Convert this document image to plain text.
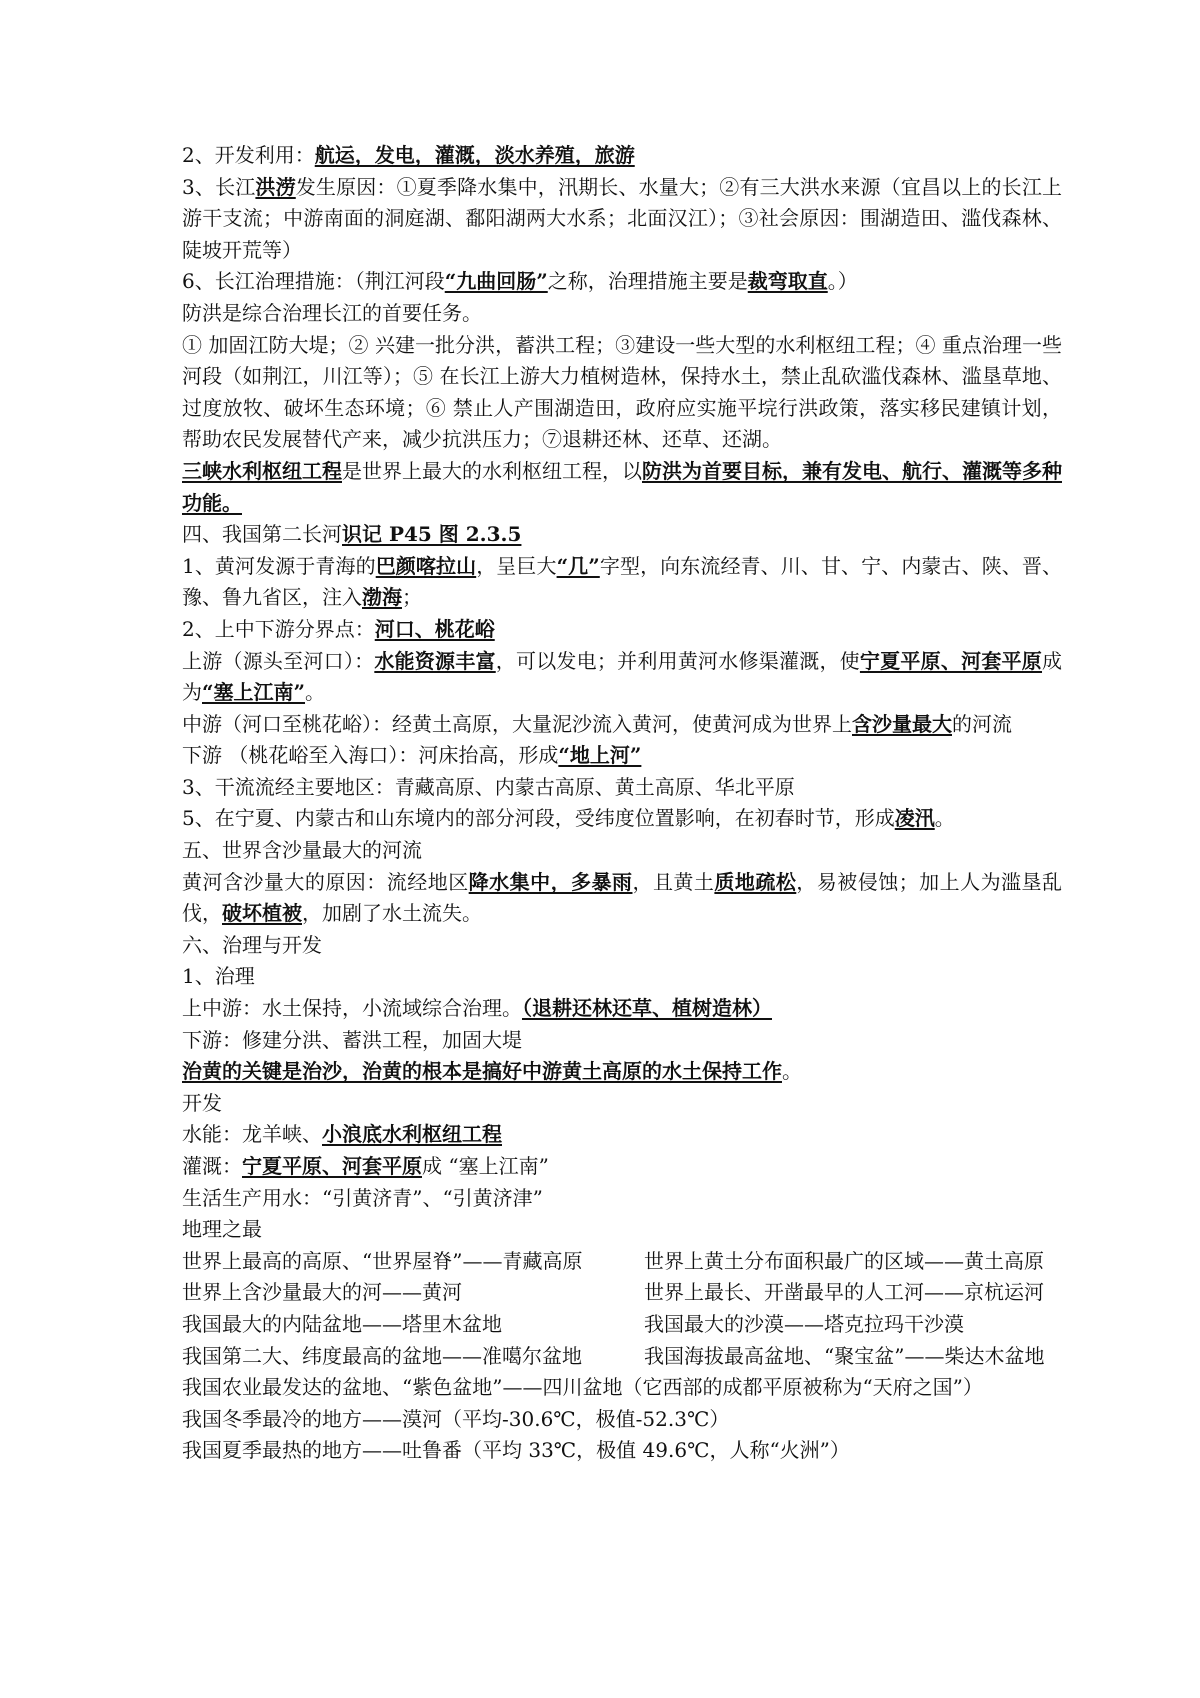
2、开发利用：航运，发电，灌溉，淡水养殖，旅游
3、长江洪涝发生原因：①夏季降水集中，汛期长、水量大；②有三大洪水来源（宜昌以上的长江上游干支流；中游南面的洞庭湖、鄱阳湖两大水系；北面汉江）；③社会原因：围湖造田、滥伐森林、陡坡开荒等）
6、长江治理措施：（荆江河段“九曲回肠”之称，治理措施主要是裁弯取直。）
防洪是综合治理长江的首要任务。
① 加固江防大堤；② 兴建一批分洪，蓄洪工程；③建设一些大型的水利枢纽工程；④ 重点治理一些河段（如荆江，川江等）；⑤ 在长江上游大力植树造林，保持水土，禁止乱砍滥伐森林、滥垦草地、过度放牧、破坏生态环境；⑥ 禁止人产围湖造田，政府应实施平垸行洪政策，落实移民建镇计划，帮助农民发展替代产来，减少抗洪压力；⑦退耕还林、还草、还湖。
三峡水利枢纽工程是世界上最大的水利枢纽工程，以防洪为首要目标，兼有发电、航行、灌溉等多种功能。
四、我国第二长河识记 P45 图 2.3.5
1、黄河发源于青海的巴颜喀拉山，呈巨大“几”字型，向东流经青、川、甘、宁、内蒙古、陕、晋、豫、鲁九省区，注入渤海；
2、上中下游分界点：河口、桃花峪
上游（源头至河口）：水能资源丰富，可以发电；并利用黄河水修渠灌溉，使宁夏平原、河套平原成为“塞上江南”。
中游（河口至桃花峪）：经黄土高原，大量泥沙流入黄河，使黄河成为世界上含沙量最大的河流
下游 （桃花峪至入海口）：河床抬高，形成“地上河”
3、干流流经主要地区：青藏高原、内蒙古高原、黄土高原、华北平原
5、在宁夏、内蒙古和山东境内的部分河段，受纬度位置影响，在初春时节，形成凌汛。
五、世界含沙量最大的河流
黄河含沙量大的原因：流经地区降水集中，多暴雨，且黄土质地疏松，易被侵蚀；加上人为滥垦乱伐，破坏植被，加剧了水土流失。
六、治理与开发
1、治理
上中游：水土保持，小流域综合治理。（退耕还林还草、植树造林）
下游：修建分洪、蓄洪工程，加固大堤
治黄的关键是治沙，治黄的根本是搞好中游黄土高原的水土保持工作。
开发
水能：龙羊峡、小浪底水利枢纽工程
灌溉：宁夏平原、河套平原成 “塞上江南”
生活生产用水：“引黄济青”、“引黄济津”
地理之最
世界上最高的高原、“世界屋脊”——青藏高原	世界上黄土分布面积最广的区域——黄土高原
世界上含沙量最大的河——黄河	世界上最长、开凿最早的人工河——京杭运河
我国最大的内陆盆地——塔里木盆地	我国最大的沙漠——塔克拉玛干沙漠
我国第二大、纬度最高的盆地——准噶尔盆地	我国海拔最高盆地、“聚宝盆”——柴达木盆地
我国农业最发达的盆地、“紫色盆地”——四川盆地（它西部的成都平原被称为“天府之国”）
我国冬季最冷的地方——漠河（平均-30.6℃，极值-52.3℃）
我国夏季最热的地方——吐鲁番（平均 33℃，极值 49.6℃，人称“火洲”）
